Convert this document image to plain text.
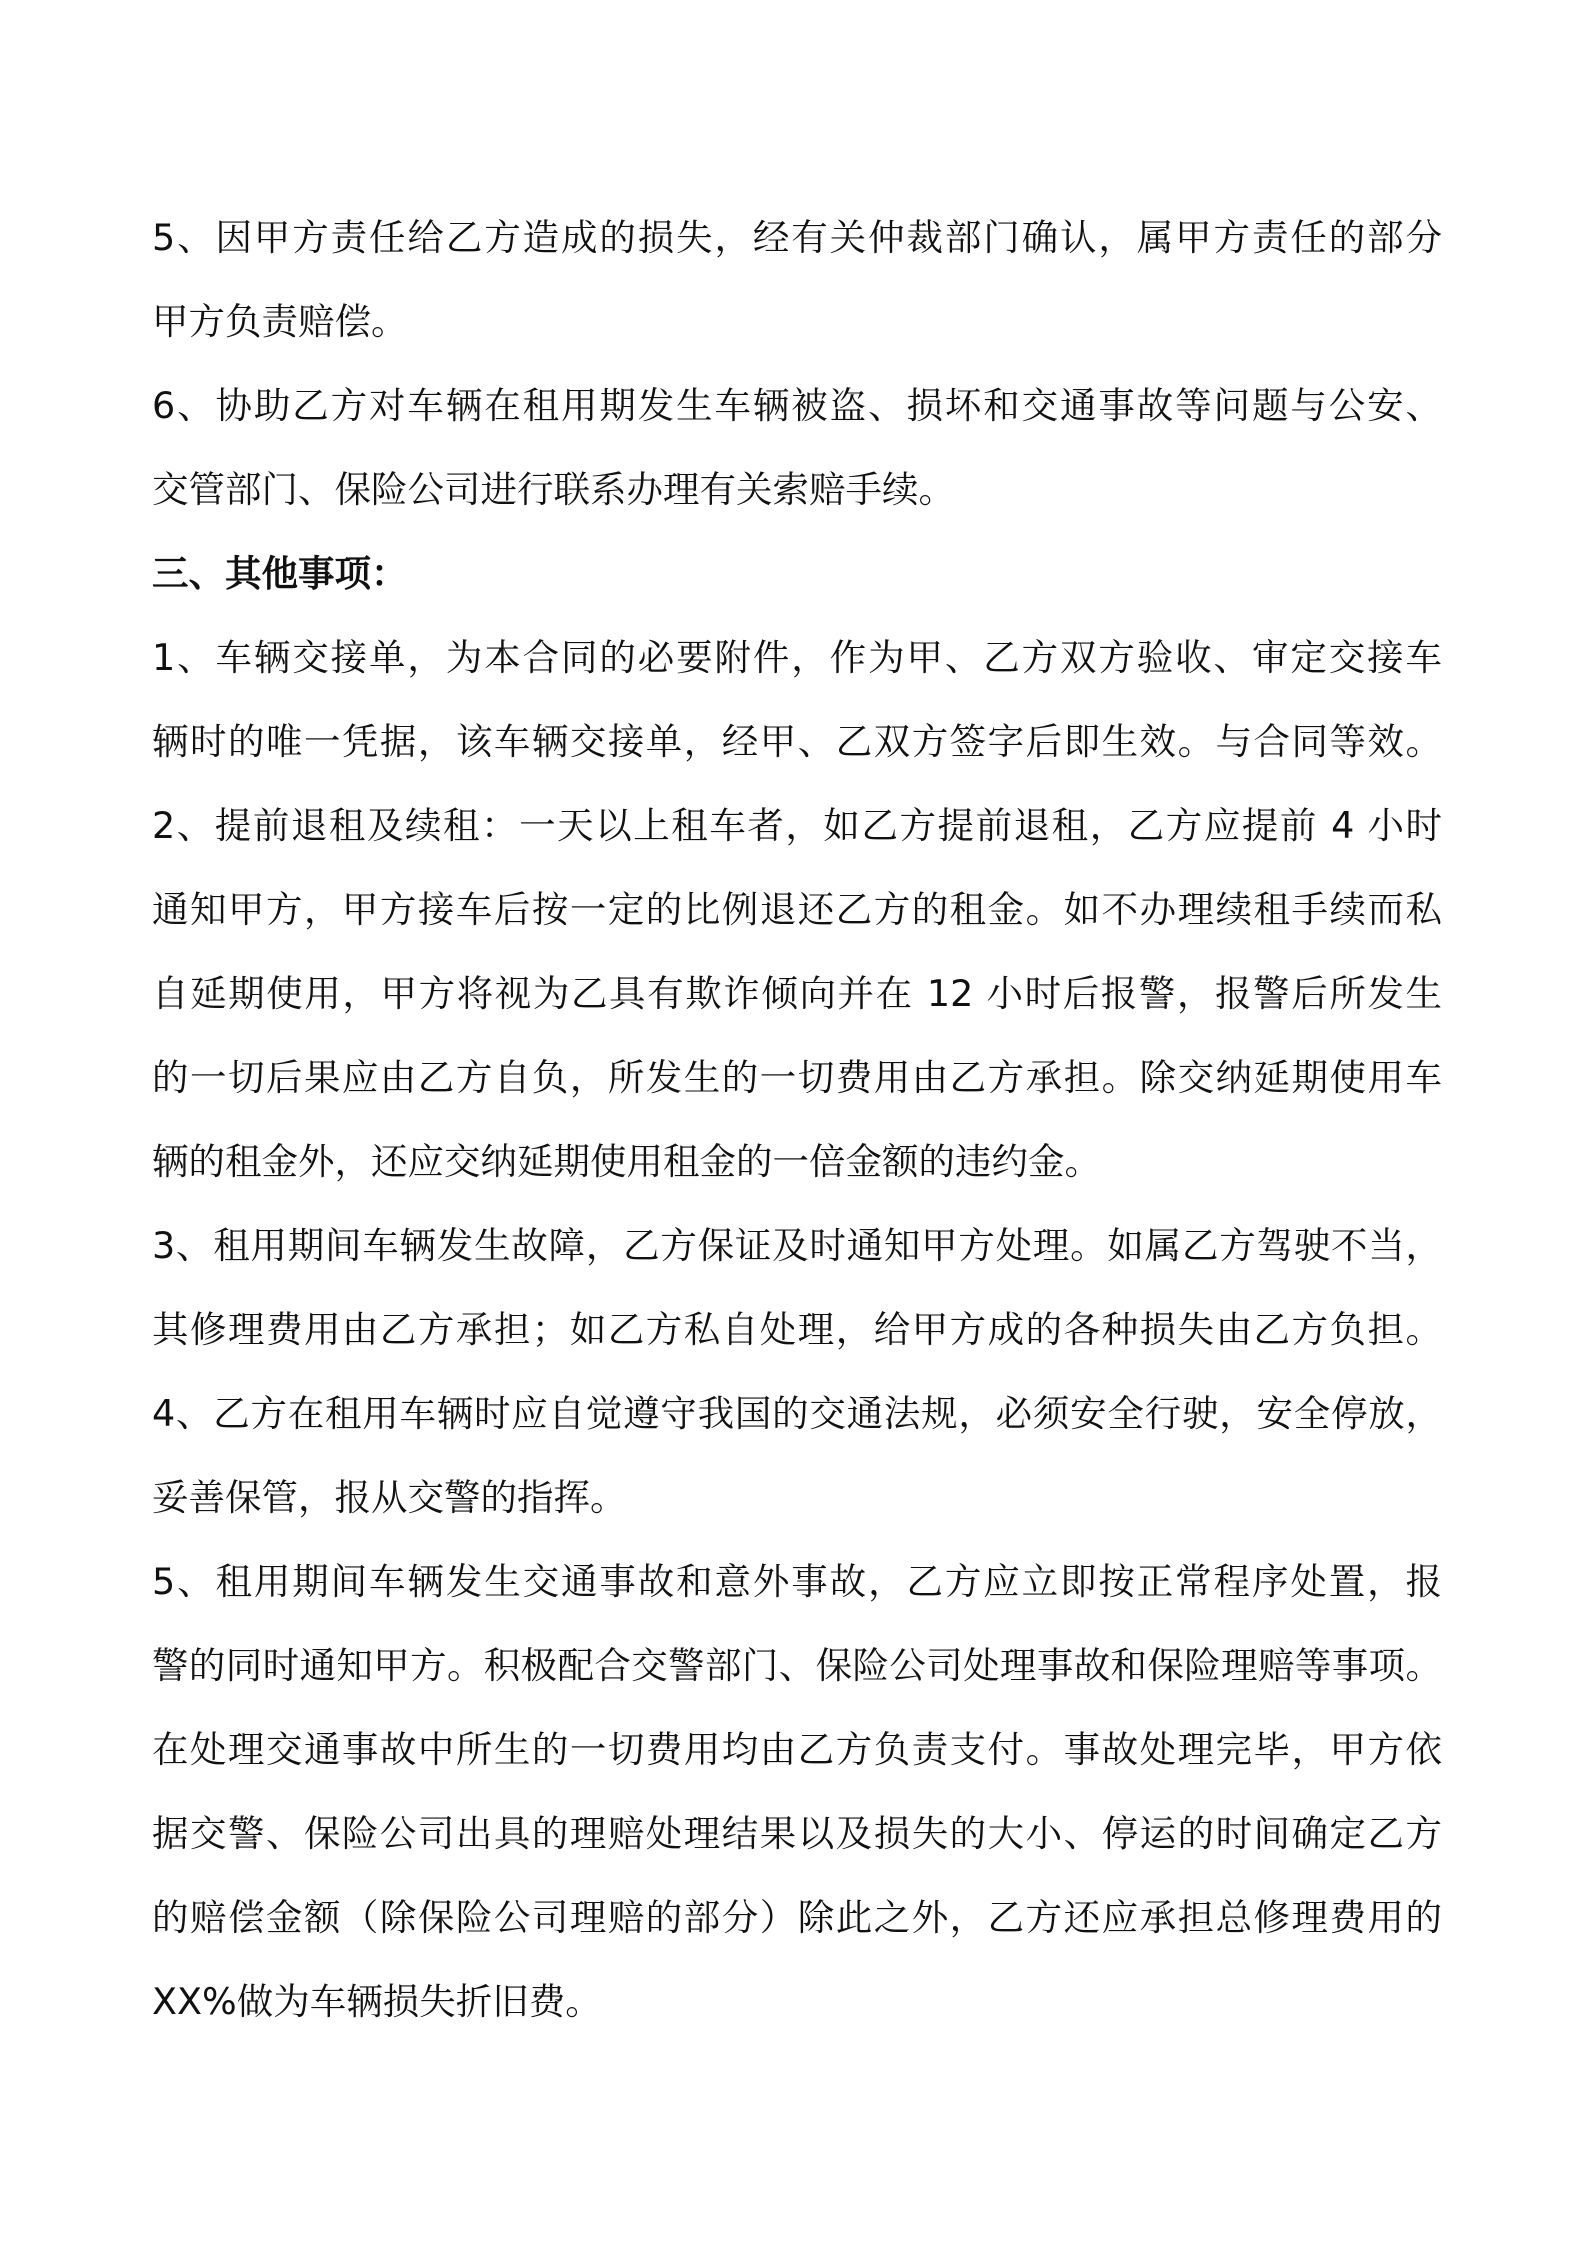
5、因甲方责任给乙方造成的损失，经有关仲裁部门确认，属甲方责任的部分
甲方负责赔偿。
6、协助乙方对车辆在租用期发生车辆被盗、损坏和交通事故等问题与公安、
交管部门、保险公司进行联系办理有关索赔手续。
三、其他事项：
1、车辆交接单，为本合同的必要附件，作为甲、乙方双方验收、审定交接车
辆时的唯一凭据，该车辆交接单，经甲、乙双方签字后即生效。与合同等效。
2、提前退租及续租：一天以上租车者，如乙方提前退租，乙方应提前 4 小时
通知甲方，甲方接车后按一定的比例退还乙方的租金。如不办理续租手续而私
自延期使用，甲方将视为乙具有欺诈倾向并在 12 小时后报警，报警后所发生
的一切后果应由乙方自负，所发生的一切费用由乙方承担。除交纳延期使用车
辆的租金外，还应交纳延期使用租金的一倍金额的违约金。
3、租用期间车辆发生故障，乙方保证及时通知甲方处理。如属乙方驾驶不当，
其修理费用由乙方承担；如乙方私自处理，给甲方成的各种损失由乙方负担。
4、乙方在租用车辆时应自觉遵守我国的交通法规，必须安全行驶，安全停放，
妥善保管，报从交警的指挥。
5、租用期间车辆发生交通事故和意外事故，乙方应立即按正常程序处置，报
警的同时通知甲方。积极配合交警部门、保险公司处理事故和保险理赔等事项。
在处理交通事故中所生的一切费用均由乙方负责支付。事故处理完毕，甲方依
据交警、保险公司出具的理赔处理结果以及损失的大小、停运的时间确定乙方
的赔偿金额（除保险公司理赔的部分）除此之外，乙方还应承担总修理费用的
XX%做为车辆损失折旧费。
